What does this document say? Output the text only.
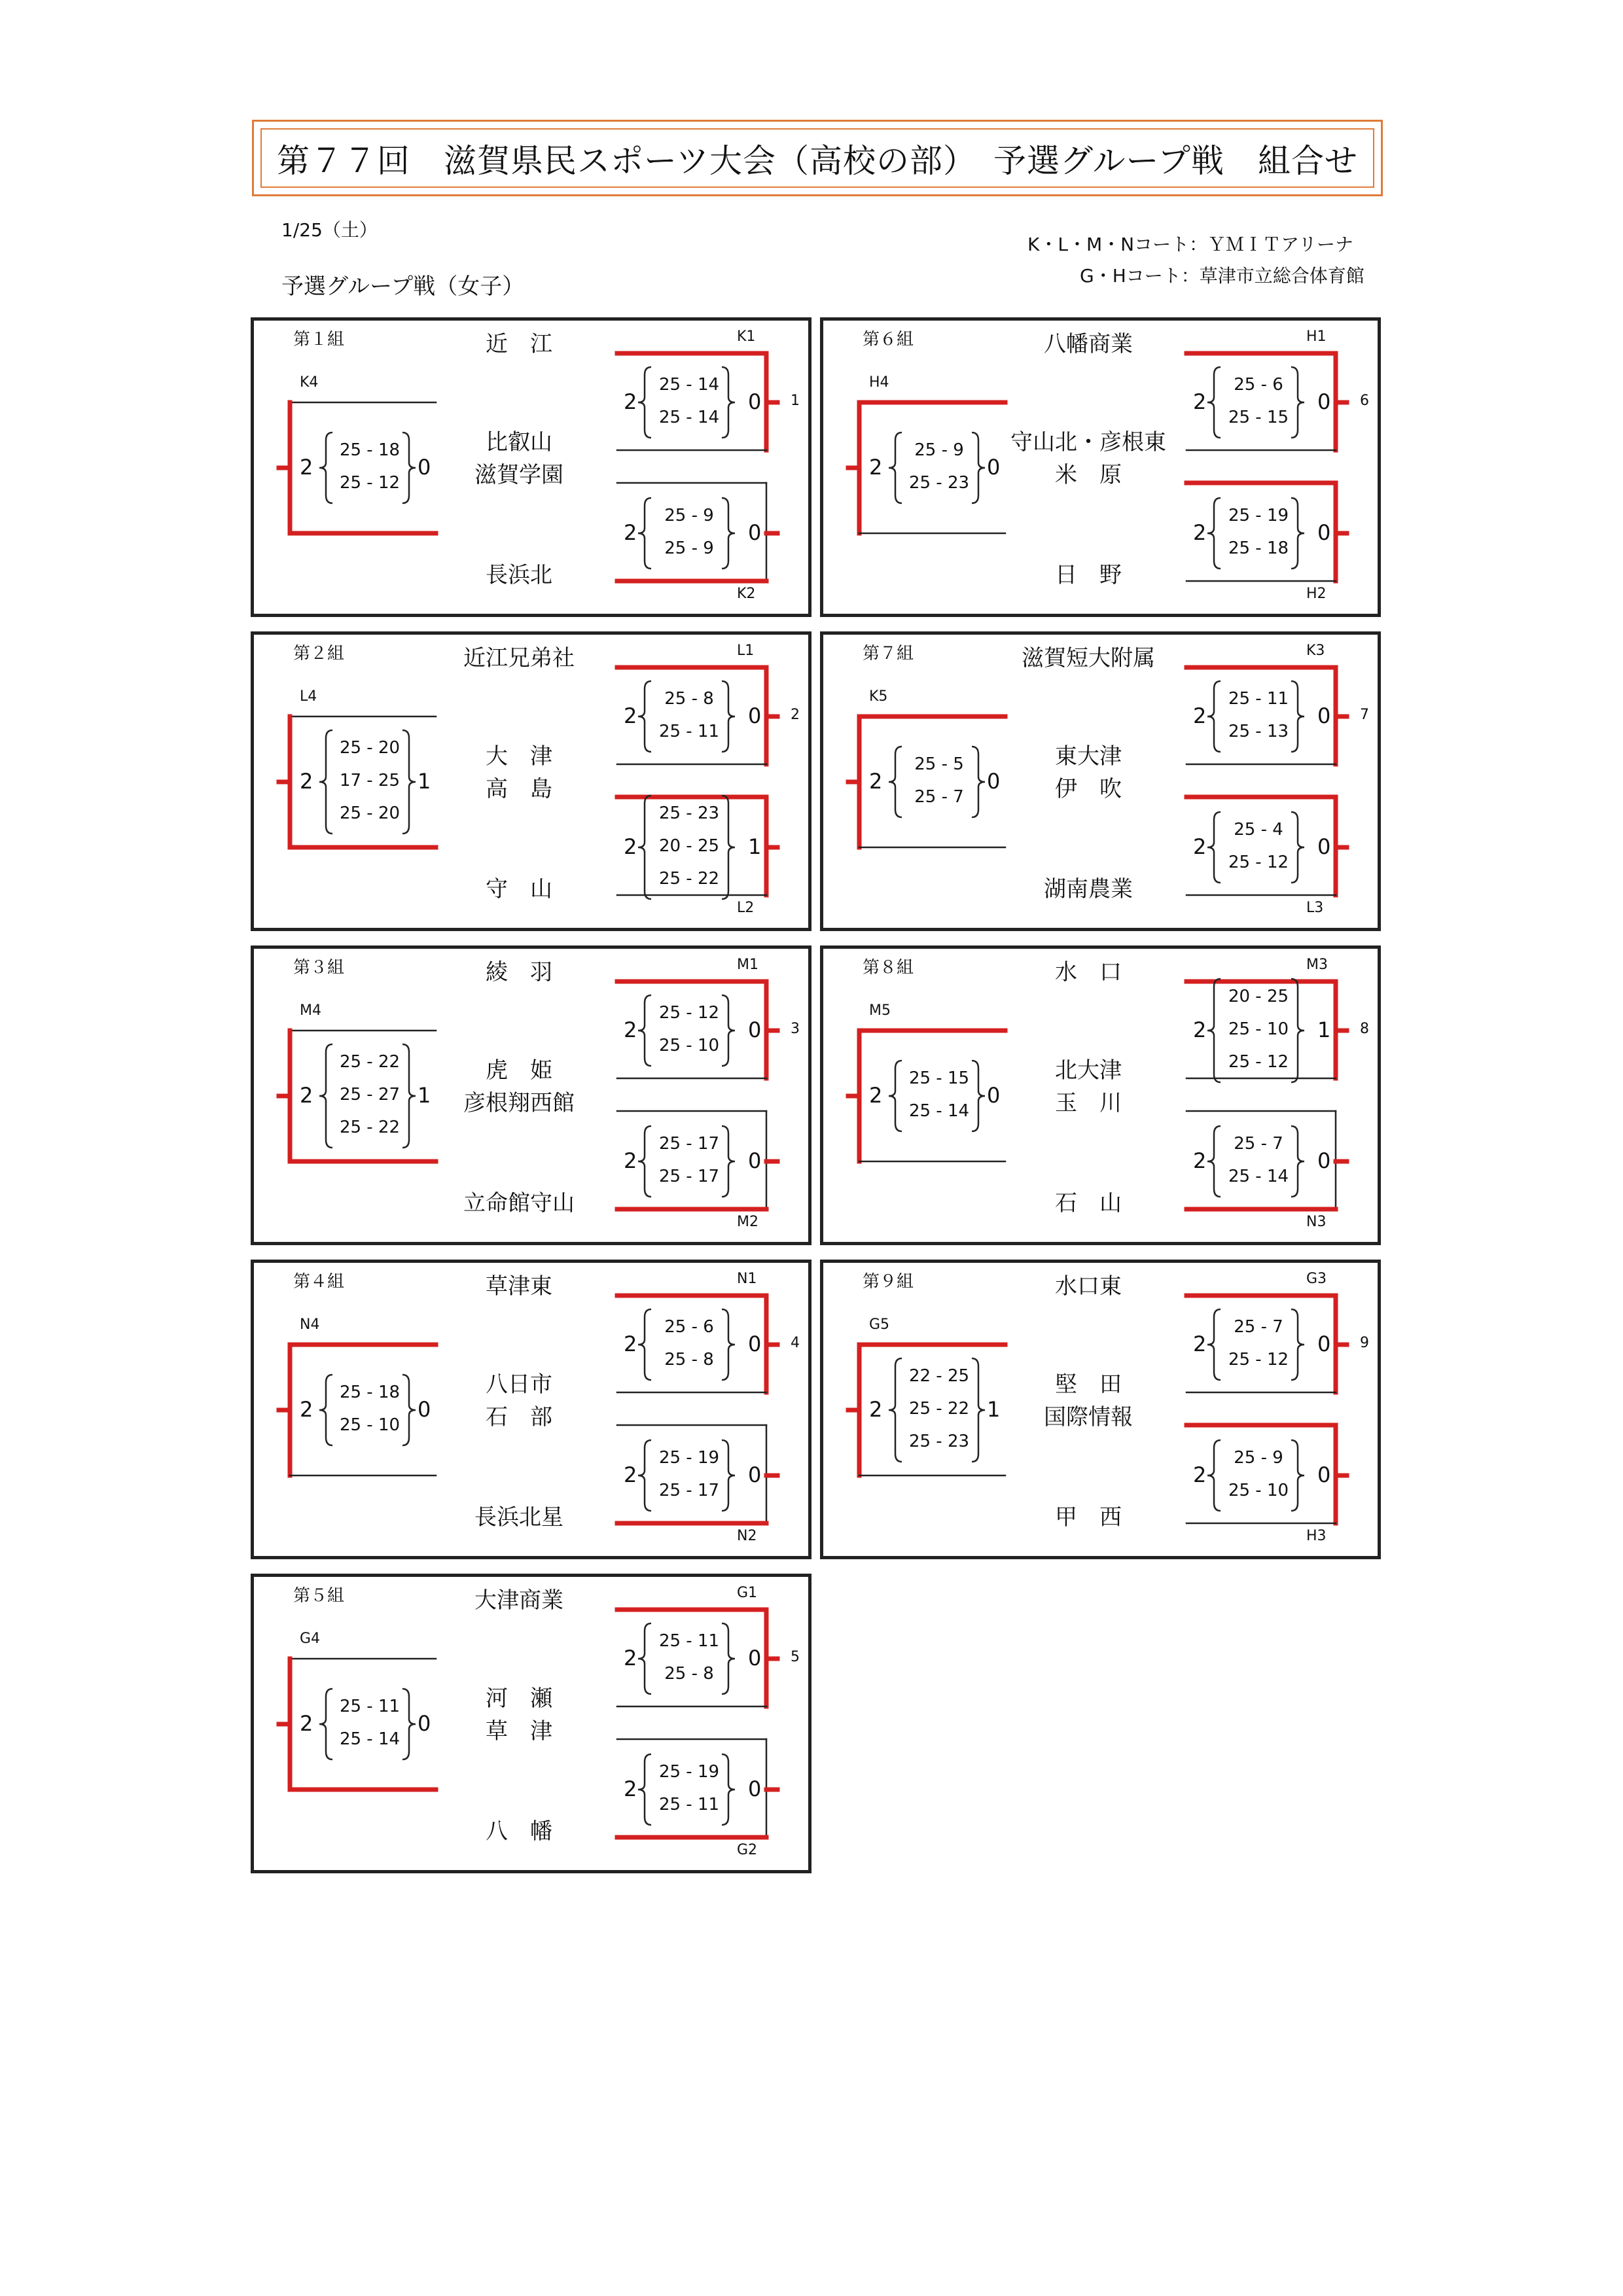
第７７回　滋賀県民スポーツ大会（高校の部）　予選グループ戦　組合せ
1/25（土）
K・L・M・Nコート：ＹＭＩＴアリーナ
G・Hコート：草津市立総合体育館
予選グループ戦（女子）
第１組	近　江
比叡山
滋賀学園
長浜北
K1
1
2	0
25 - 14
25 - 14
K2
2	0
25 - 9
25 - 9
K4
2	0
25 - 18
25 - 12
第２組	近江兄弟社
大　津
高　島
守　山
L1
2
2	0
25 - 8
25 - 11
L2
2	1
25 - 23
20 - 25
25 - 22
L4
2	1
25 - 20
17 - 25
25 - 20
第３組	綾　羽
虎　姫
彦根翔西館
立命館守山
M1
3
2	0
25 - 12
25 - 10
M2
2	0
25 - 17
25 - 17
M4
2	1
25 - 22
25 - 27
25 - 22
第４組	草津東
八日市
石　部
長浜北星
N1
4
2	0
25 - 6
25 - 8
N2
2	0
25 - 19
25 - 17
N4
2	0
25 - 18
25 - 10
第５組	大津商業
河　瀬
草　津
八　幡
G1
5
2	0
25 - 11
25 - 8
G2
2	0
25 - 19
25 - 11
G4
2	0
25 - 11
25 - 14
第６組	八幡商業
守山北・彦根東
米　原
日　野
H1
6
2	0
25 - 6
25 - 15
H2
2	0
25 - 19
25 - 18
H4
2	0
25 - 9
25 - 23
第７組	滋賀短大附属
東大津
伊　吹
湖南農業
K3
7
2	0
25 - 11
25 - 13
L3
2	0
25 - 4
25 - 12
K5
2	0
25 - 5
25 - 7
第８組	水　口
北大津
玉　川
石　山
M3
8
2	1
20 - 25
25 - 10
25 - 12
N3
2	0
25 - 7
25 - 14
M5
2	0
25 - 15
25 - 14
第９組	水口東
堅　田
国際情報
甲　西
G3
9
2	0
25 - 7
25 - 12
H3
2	0
25 - 9
25 - 10
G5
2	1
22 - 25
25 - 22
25 - 23
